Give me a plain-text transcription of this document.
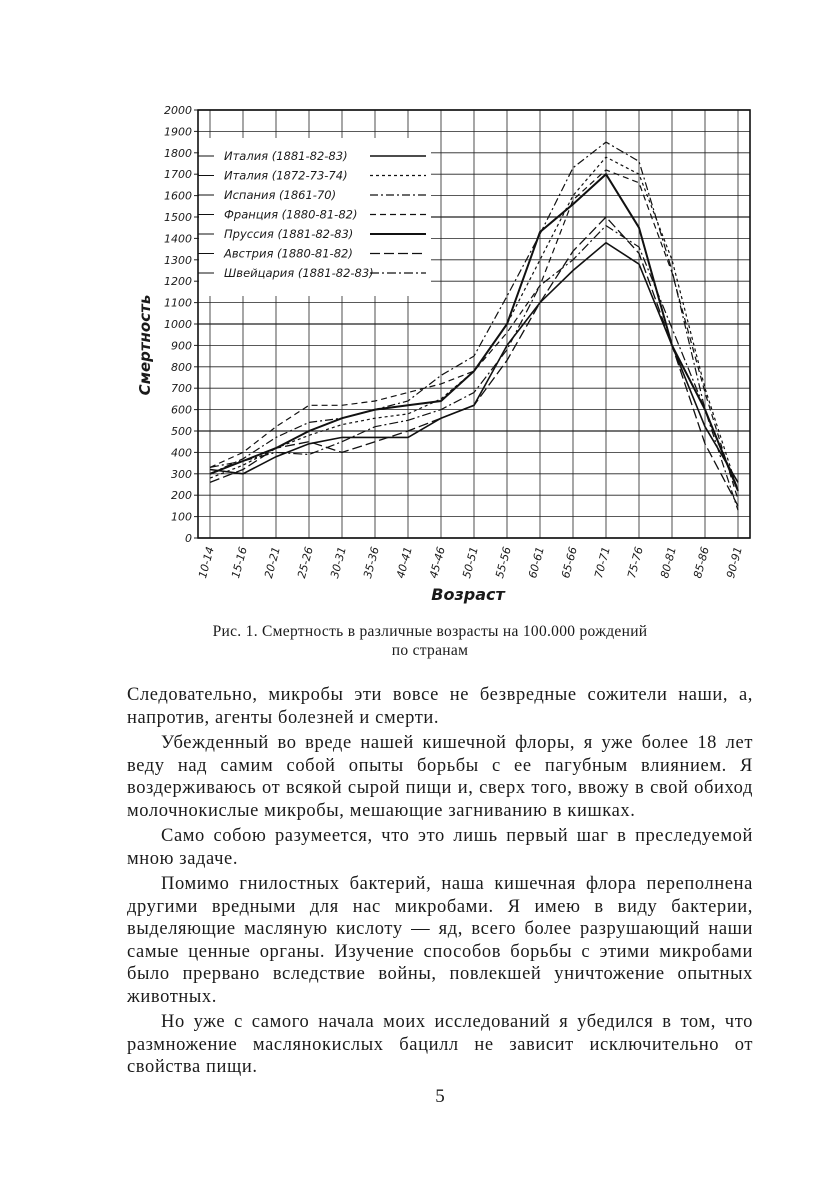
0
100
200
300
400
500
600
700
800
900
1000
1100
1200
1300
1400
1500
1600
1700
1800
1900
2000
10-14 15-16 20-21 25-26 30-31 35-36 40-41 45-46 50-51 55-56 60-61 65-66 70-71 75-76 80-81 85-86 90-91
Италия (1881-82-83)
Италия (1872-73-74)
Испания (1861-70)
Франция (1880-81-82)
Пруссия (1881-82-83)
Австрия (1880-81-82)
Швейцария (1881-82-83)
Смертность
Возраст
Рис. 1. Смертность в различные возрасты на 100.000 рождений
по странам

Следовательно, микробы эти вовсе не безвредные сожители наши, а, напротив, агенты болезней и смерти.

Убежденный во вреде нашей кишечной флоры, я уже более 18 лет веду над самим собой опыты борьбы с ее пагубным влиянием. Я воздерживаюсь от всякой сырой пищи и, сверх того, ввожу в свой обиход молочнокислые микробы, мешающие загниванию в кишках.

Само собою разумеется, что это лишь первый шаг в преследуемой мною задаче.

Помимо гнилостных бактерий, наша кишечная флора переполнена другими вредными для нас микробами. Я имею в виду бактерии, выделяющие масляную кислоту — яд, всего более разрушающий наши самые ценные органы. Изучение способов борьбы с этими микробами было прервано вследствие войны, повлекшей уничтожение опытных животных.

Но уже с самого начала моих исследований я убедился в том, что размножение маслянокислых бацилл не зависит исключительно от свойства пищи.

5
